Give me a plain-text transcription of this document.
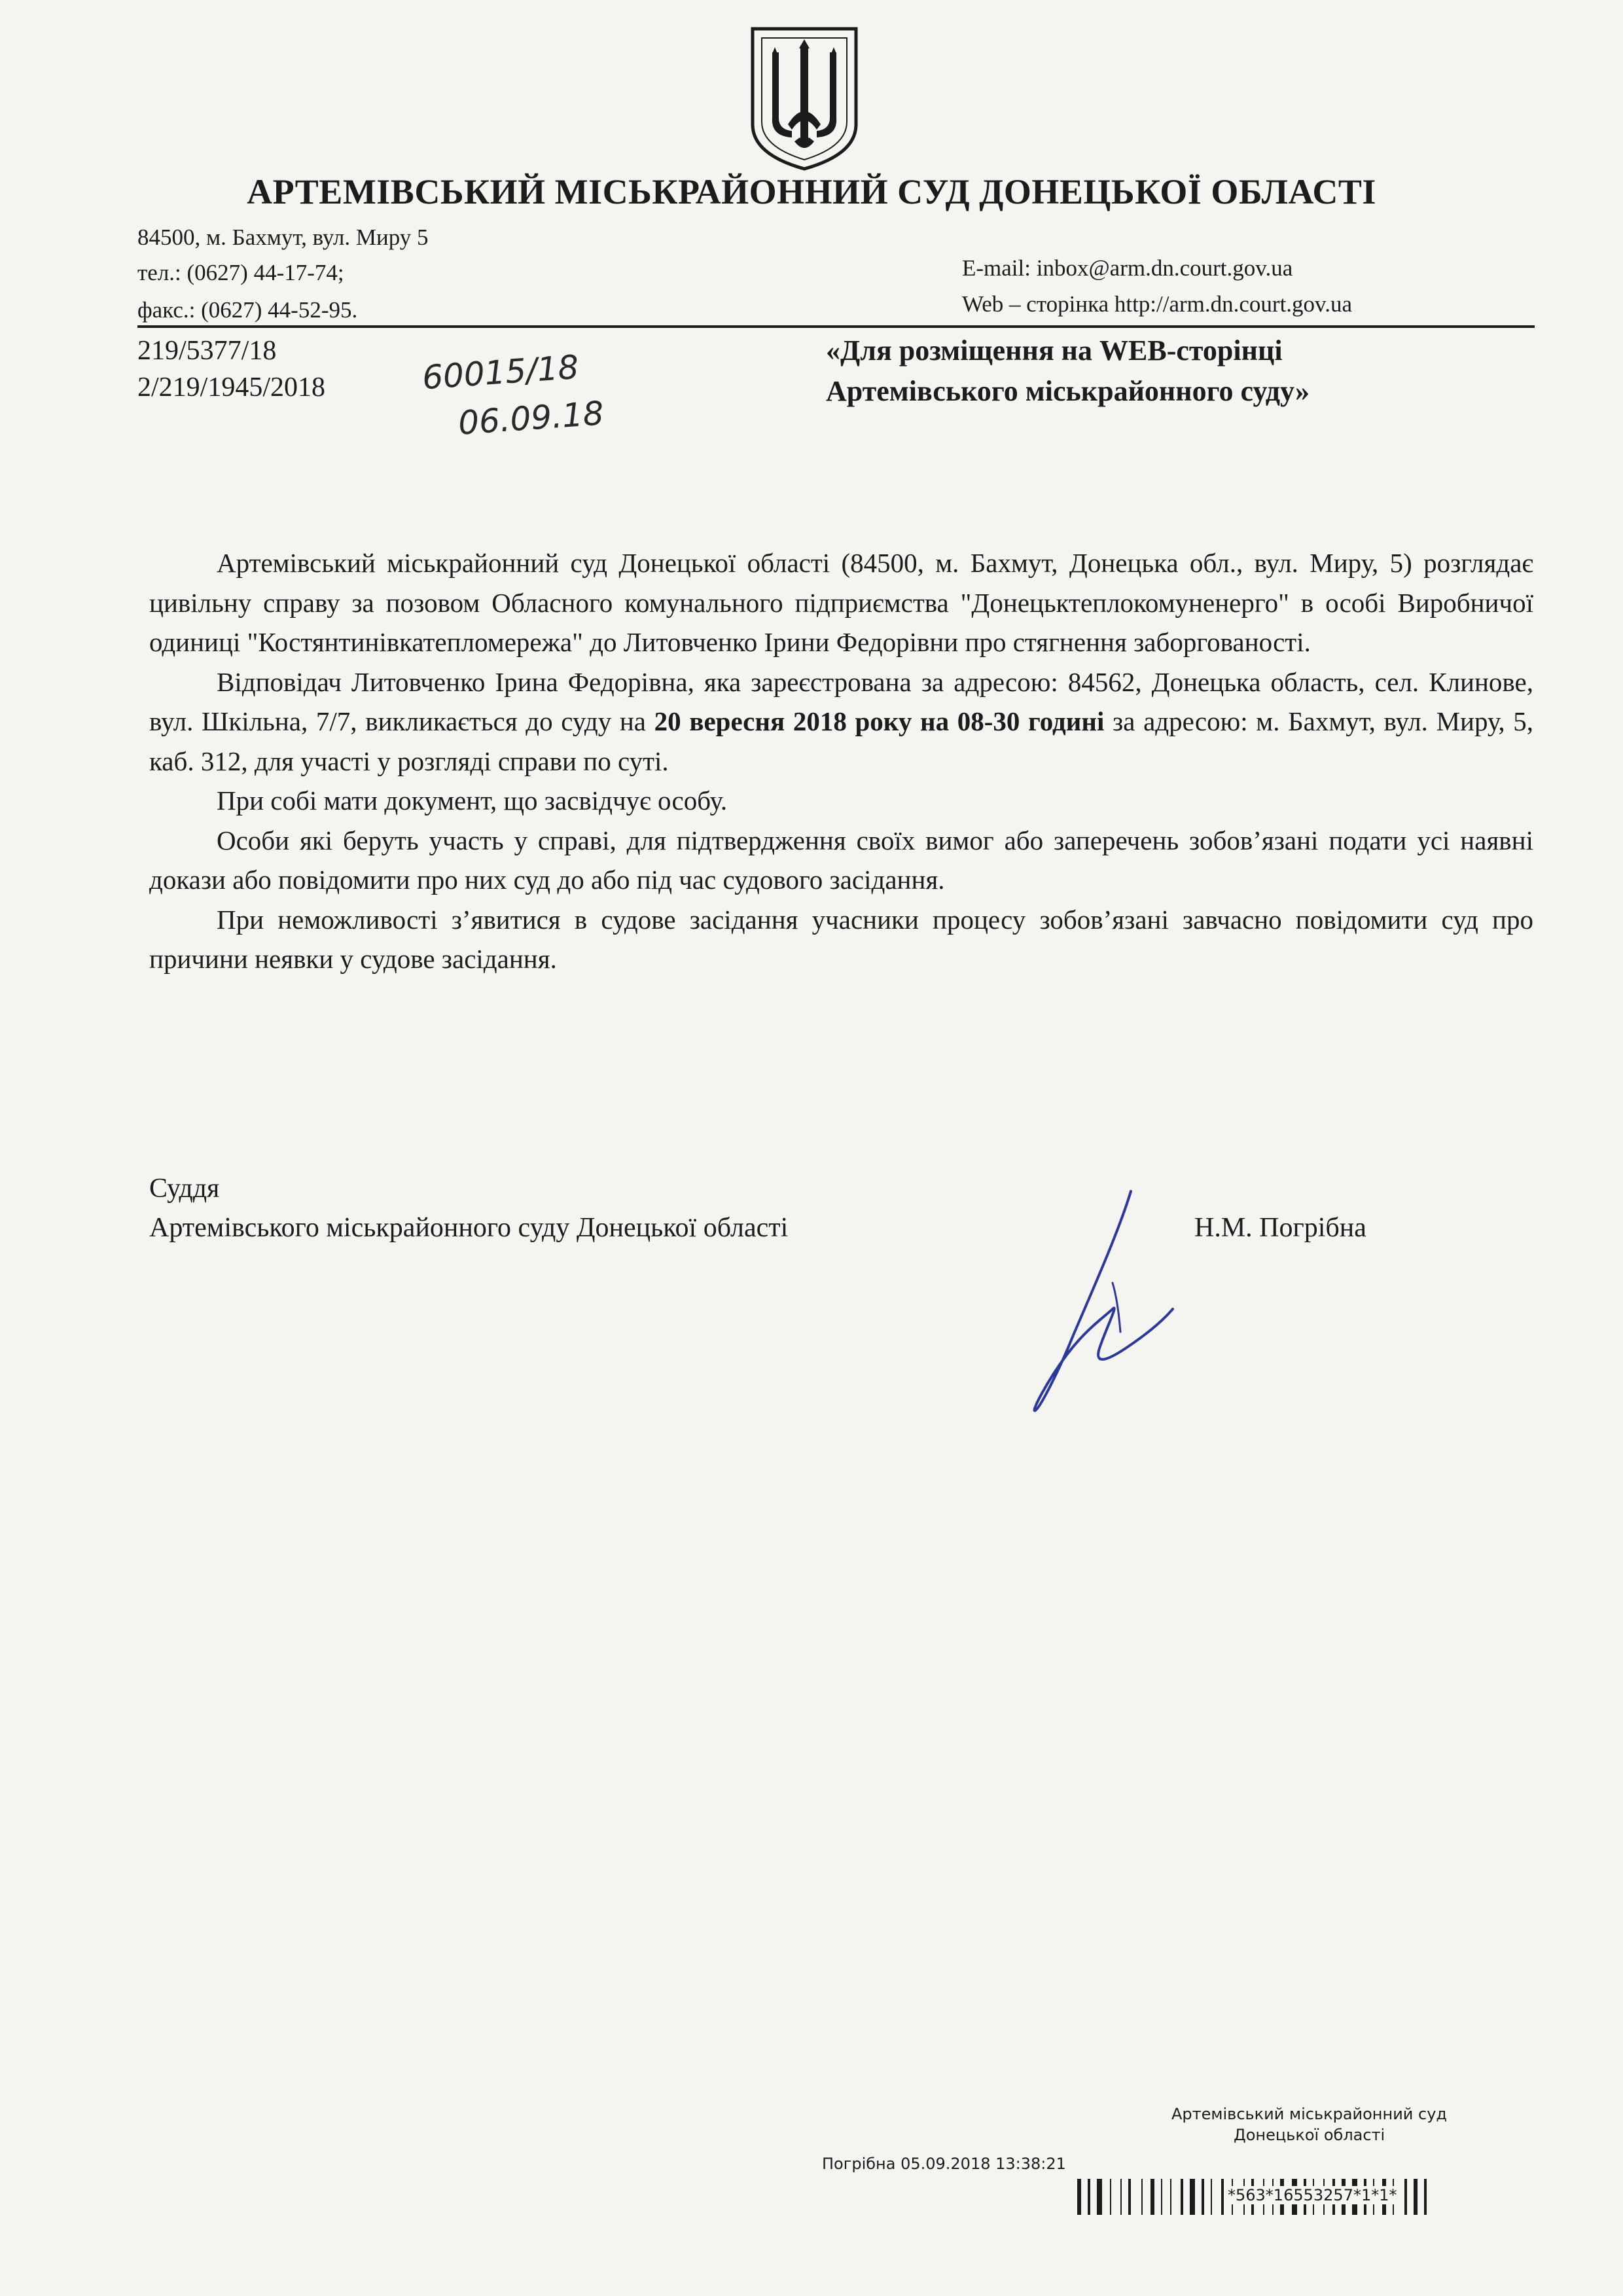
АРТЕМІВСЬКИЙ МІСЬКРАЙОННИЙ СУД ДОНЕЦЬКОЇ ОБЛАСТІ
84500, м. Бахмут, вул. Миру 5
тел.: (0627) 44-17-74;
факс.: (0627) 44-52-95.
E-mail: inbox@arm.dn.court.gov.ua
Web – сторінка http://arm.dn.court.gov.ua
219/5377/18
2/219/1945/2018	60015/18
06.09.18
«Для розміщення на WEB-сторінці
Артемівського міськрайонного суду»

Артемівський міськрайонний суд Донецької області (84500, м. Бахмут, Донецька обл., вул. Миру, 5) розглядає цивільну справу за позовом Обласного комунального підприємства "Донецьктеплокомуненерго" в особі Виробничої одиниці "Костянтинівкатепломережа" до Литовченко Ірини Федорівни про стягнення заборгованості.

Відповідач Литовченко Ірина Федорівна, яка зареєстрована за адресою: 84562, Донецька область, сел. Клинове, вул. Шкільна, 7/7, викликається до суду на 20 вересня 2018 року на 08-30 годині за адресою: м. Бахмут, вул. Миру, 5, каб. 312, для участі у розгляді справи по суті.

При собі мати документ, що засвідчує особу.

Особи які беруть участь у справі, для підтвердження своїх вимог або заперечень зобов’язані подати усі наявні докази або повідомити про них суд до або під час судового засідання.

При неможливості з’явитися в судове засідання учасники процесу зобов’язані завчасно повідомити суд про причини неявки у судове засідання.

Суддя
Артемівського міськрайонного суду Донецької області	Н.М. Погрібна
Артемівський міськрайонний суд
Донецької області
Погрібна 05.09.2018 13:38:21
*563*16553257*1*1*
